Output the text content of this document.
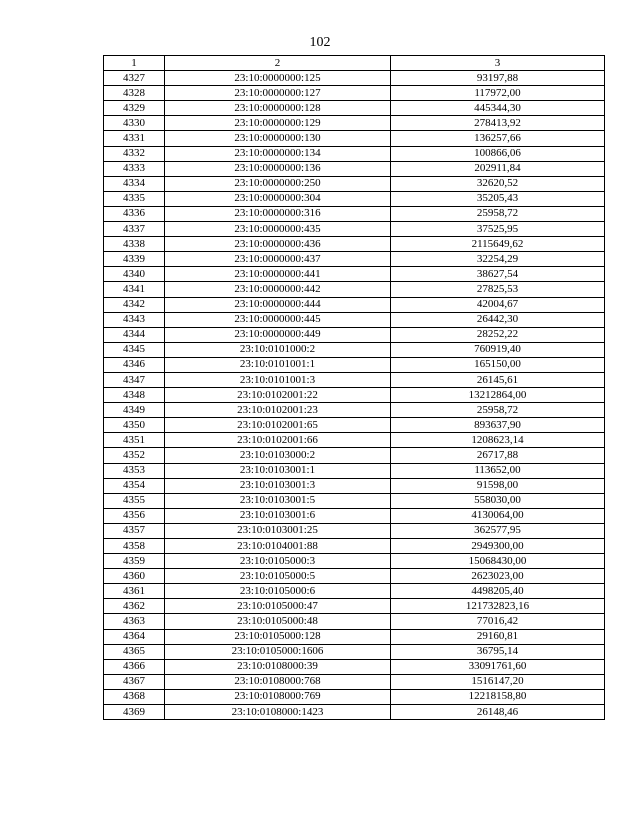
102
1	2	3
4327	23:10:0000000:125	93197,88
4328	23:10:0000000:127	117972,00
4329	23:10:0000000:128	445344,30
4330	23:10:0000000:129	278413,92
4331	23:10:0000000:130	136257,66
4332	23:10:0000000:134	100866,06
4333	23:10:0000000:136	202911,84
4334	23:10:0000000:250	32620,52
4335	23:10:0000000:304	35205,43
4336	23:10:0000000:316	25958,72
4337	23:10:0000000:435	37525,95
4338	23:10:0000000:436	2115649,62
4339	23:10:0000000:437	32254,29
4340	23:10:0000000:441	38627,54
4341	23:10:0000000:442	27825,53
4342	23:10:0000000:444	42004,67
4343	23:10:0000000:445	26442,30
4344	23:10:0000000:449	28252,22
4345	23:10:0101000:2	760919,40
4346	23:10:0101001:1	165150,00
4347	23:10:0101001:3	26145,61
4348	23:10:0102001:22	13212864,00
4349	23:10:0102001:23	25958,72
4350	23:10:0102001:65	893637,90
4351	23:10:0102001:66	1208623,14
4352	23:10:0103000:2	26717,88
4353	23:10:0103001:1	113652,00
4354	23:10:0103001:3	91598,00
4355	23:10:0103001:5	558030,00
4356	23:10:0103001:6	4130064,00
4357	23:10:0103001:25	362577,95
4358	23:10:0104001:88	2949300,00
4359	23:10:0105000:3	15068430,00
4360	23:10:0105000:5	2623023,00
4361	23:10:0105000:6	4498205,40
4362	23:10:0105000:47	121732823,16
4363	23:10:0105000:48	77016,42
4364	23:10:0105000:128	29160,81
4365	23:10:0105000:1606	36795,14
4366	23:10:0108000:39	33091761,60
4367	23:10:0108000:768	1516147,20
4368	23:10:0108000:769	12218158,80
4369	23:10:0108000:1423	26148,46
